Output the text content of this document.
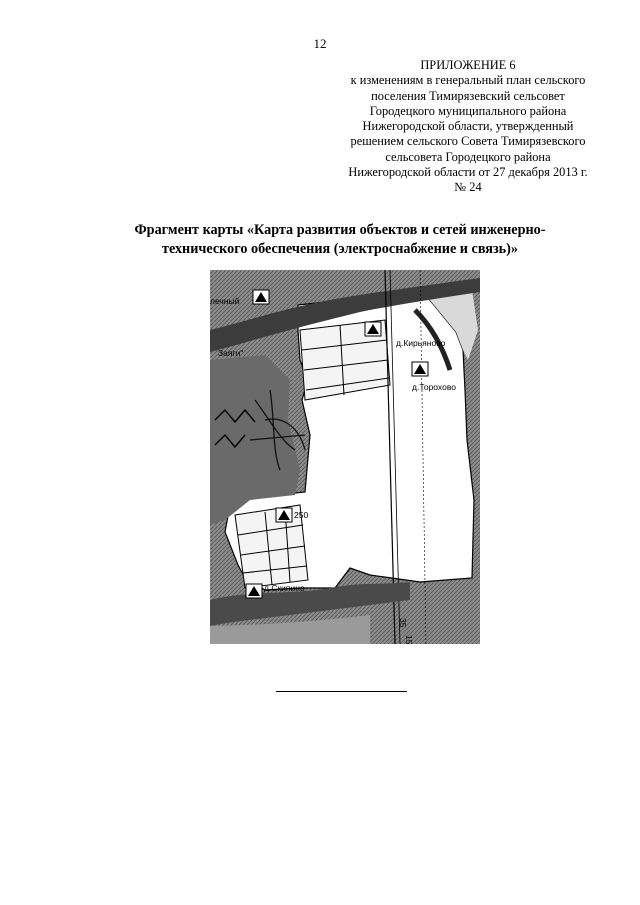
12
ПРИЛОЖЕНИЕ 6
к изменениям в генеральный план сельского
поселения Тимирязевский сельсовет
Городецкого муниципального района
Нижегородской области, утвержденный
решением сельского Совета Тимирязевского
сельсовета Городецкого района
Нижегородской области от 27 декабря 2013 г.
№ 24
Фрагмент карты «Карта развития объектов и сетей инженерно-
технического обеспечения (электроснабжение и связь)»
лечный
Заяги"
д.Кирьяново
д.Торохово
250
д.Скипино
35
15
